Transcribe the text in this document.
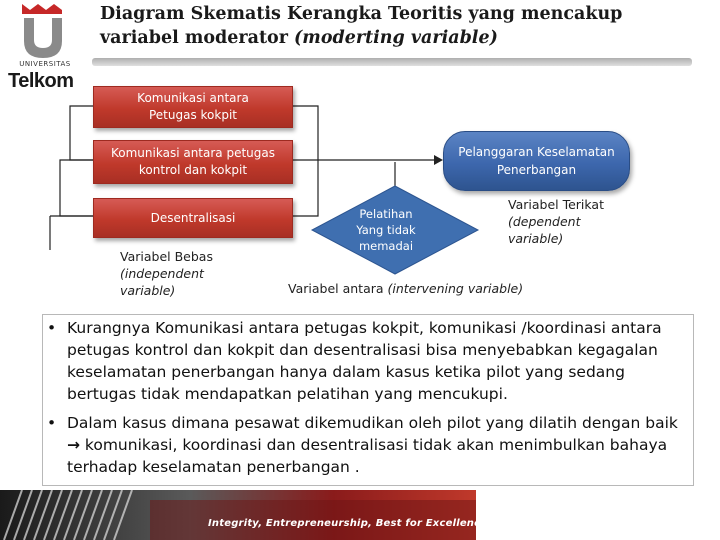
UNIVERSITAS
Telkom
Diagram Skematis Kerangka Teoritis yang mencakup
variabel moderator (moderting variable)
Komunikasi antara
Petugas kokpit
Komunikasi antara petugas
kontrol dan kokpit
Desentralisasi
Pelanggaran Keselamatan
Penerbangan
Pelatihan
Yang tidak
memadai
Variabel Bebas
(independent
variable)
Variabel Terikat
(dependent
variable)
Variabel antara (intervening variable)
• Kurangnya Komunikasi antara petugas kokpit, komunikasi /koordinasi antara petugas kontrol dan kokpit dan desentralisasi bisa menyebabkan kegagalan keselamatan penerbangan hanya dalam kasus ketika pilot yang sedang bertugas tidak mendapatkan pelatihan yang mencukupi.
• Dalam kasus dimana pesawat dikemudikan oleh pilot yang dilatih dengan baik → komunikasi, koordinasi dan desentralisasi tidak akan menimbulkan bahaya terhadap keselamatan penerbangan .
Integrity, Entrepreneurship, Best for Excellence
